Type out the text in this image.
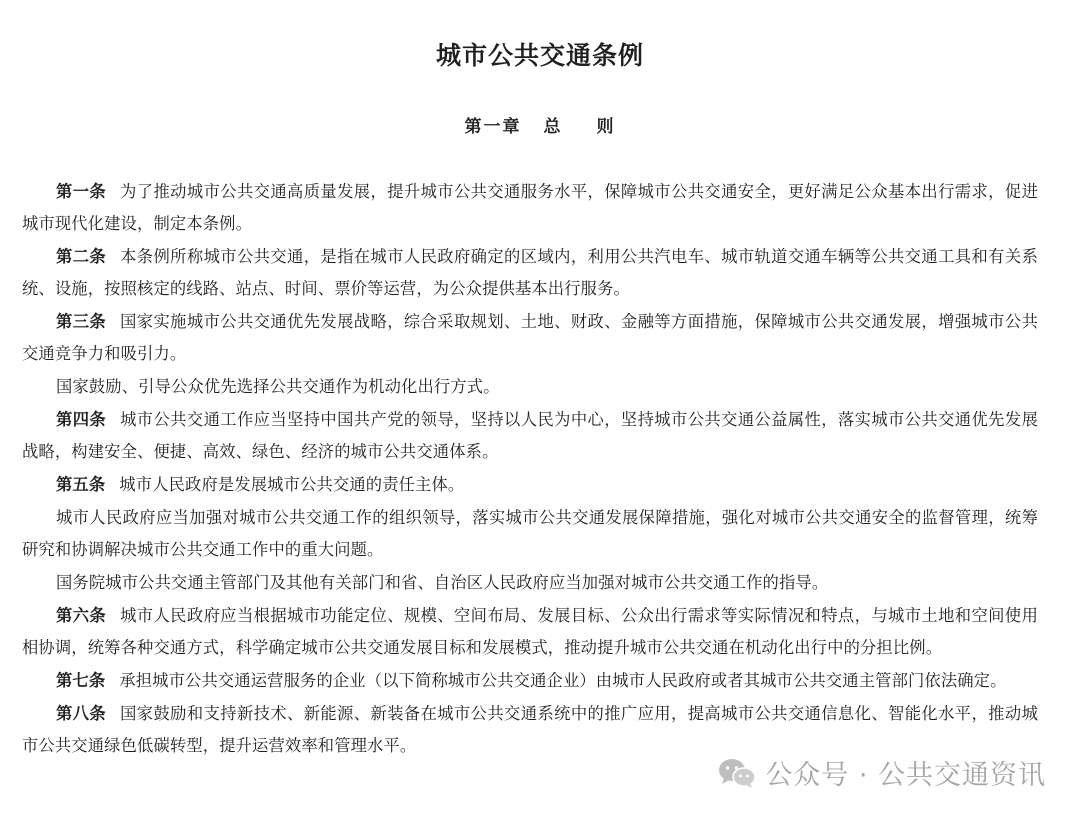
城市公共交通条例
第一章 总 则

第一条 为了推动城市公共交通高质量发展，提升城市公共交通服务水平，保障城市公共交通安全，更好满足公众基本出行需求，促进城市现代化建设，制定本条例。

第二条 本条例所称城市公共交通，是指在城市人民政府确定的区域内，利用公共汽电车、城市轨道交通车辆等公共交通工具和有关系统、设施，按照核定的线路、站点、时间、票价等运营，为公众提供基本出行服务。

第三条 国家实施城市公共交通优先发展战略，综合采取规划、土地、财政、金融等方面措施，保障城市公共交通发展，增强城市公共交通竞争力和吸引力。

国家鼓励、引导公众优先选择公共交通作为机动化出行方式。

第四条 城市公共交通工作应当坚持中国共产党的领导，坚持以人民为中心，坚持城市公共交通公益属性，落实城市公共交通优先发展战略，构建安全、便捷、高效、绿色、经济的城市公共交通体系。

第五条 城市人民政府是发展城市公共交通的责任主体。

城市人民政府应当加强对城市公共交通工作的组织领导，落实城市公共交通发展保障措施，强化对城市公共交通安全的监督管理，统筹研究和协调解决城市公共交通工作中的重大问题。

国务院城市公共交通主管部门及其他有关部门和省、自治区人民政府应当加强对城市公共交通工作的指导。

第六条 城市人民政府应当根据城市功能定位、规模、空间布局、发展目标、公众出行需求等实际情况和特点，与城市土地和空间使用相协调，统筹各种交通方式，科学确定城市公共交通发展目标和发展模式，推动提升城市公共交通在机动化出行中的分担比例。

第七条 承担城市公共交通运营服务的企业（以下简称城市公共交通企业）由城市人民政府或者其城市公共交通主管部门依法确定。

第八条 国家鼓励和支持新技术、新能源、新装备在城市公共交通系统中的推广应用，提高城市公共交通信息化、智能化水平，推动城市公共交通绿色低碳转型，提升运营效率和管理水平。

公众号 · 公共交通资讯
